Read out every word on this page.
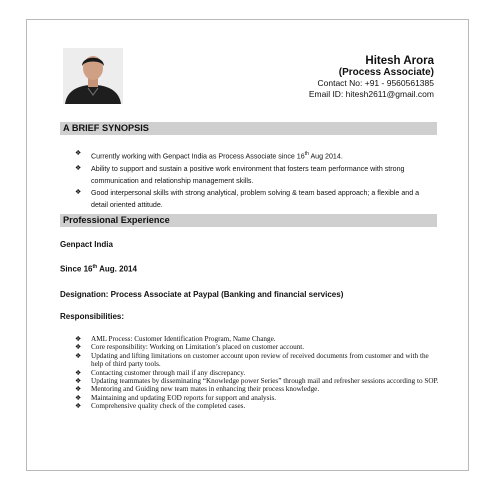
Hitesh Arora
(Process Associate)
Contact No: +91 - 9560561385
Email ID: hitesh2611@gmail.com
A BRIEF SYNOPSIS
❖ Currently working with Genpact India as Process Associate since 16th Aug 2014.
❖ Ability to support and sustain a positive work environment that fosters team performance with strong communication and relationship management skills.
❖ Good interpersonal skills with strong analytical, problem solving & team based approach; a flexible and a detail oriented attitude.
Professional Experience
Genpact India
Since 16th Aug. 2014
Designation: Process Associate at Paypal (Banking and financial services)
Responsibilities:
❖ AML Process: Customer Identification Program, Name Change.
❖ Core responsibility: Working on Limitation’s placed on customer account.
❖ Updating and lifting limitations on customer account upon review of received documents from customer and with the help of third party tools.
❖ Contacting customer through mail if any discrepancy.
❖ Updating teammates by disseminating “Knowledge power Series” through mail and refresher sessions according to SOP.
❖ Mentoring and Guiding new team mates in enhancing their process knowledge.
❖ Maintaining and updating EOD reports for support and analysis.
❖ Comprehensive quality check of the completed cases.
